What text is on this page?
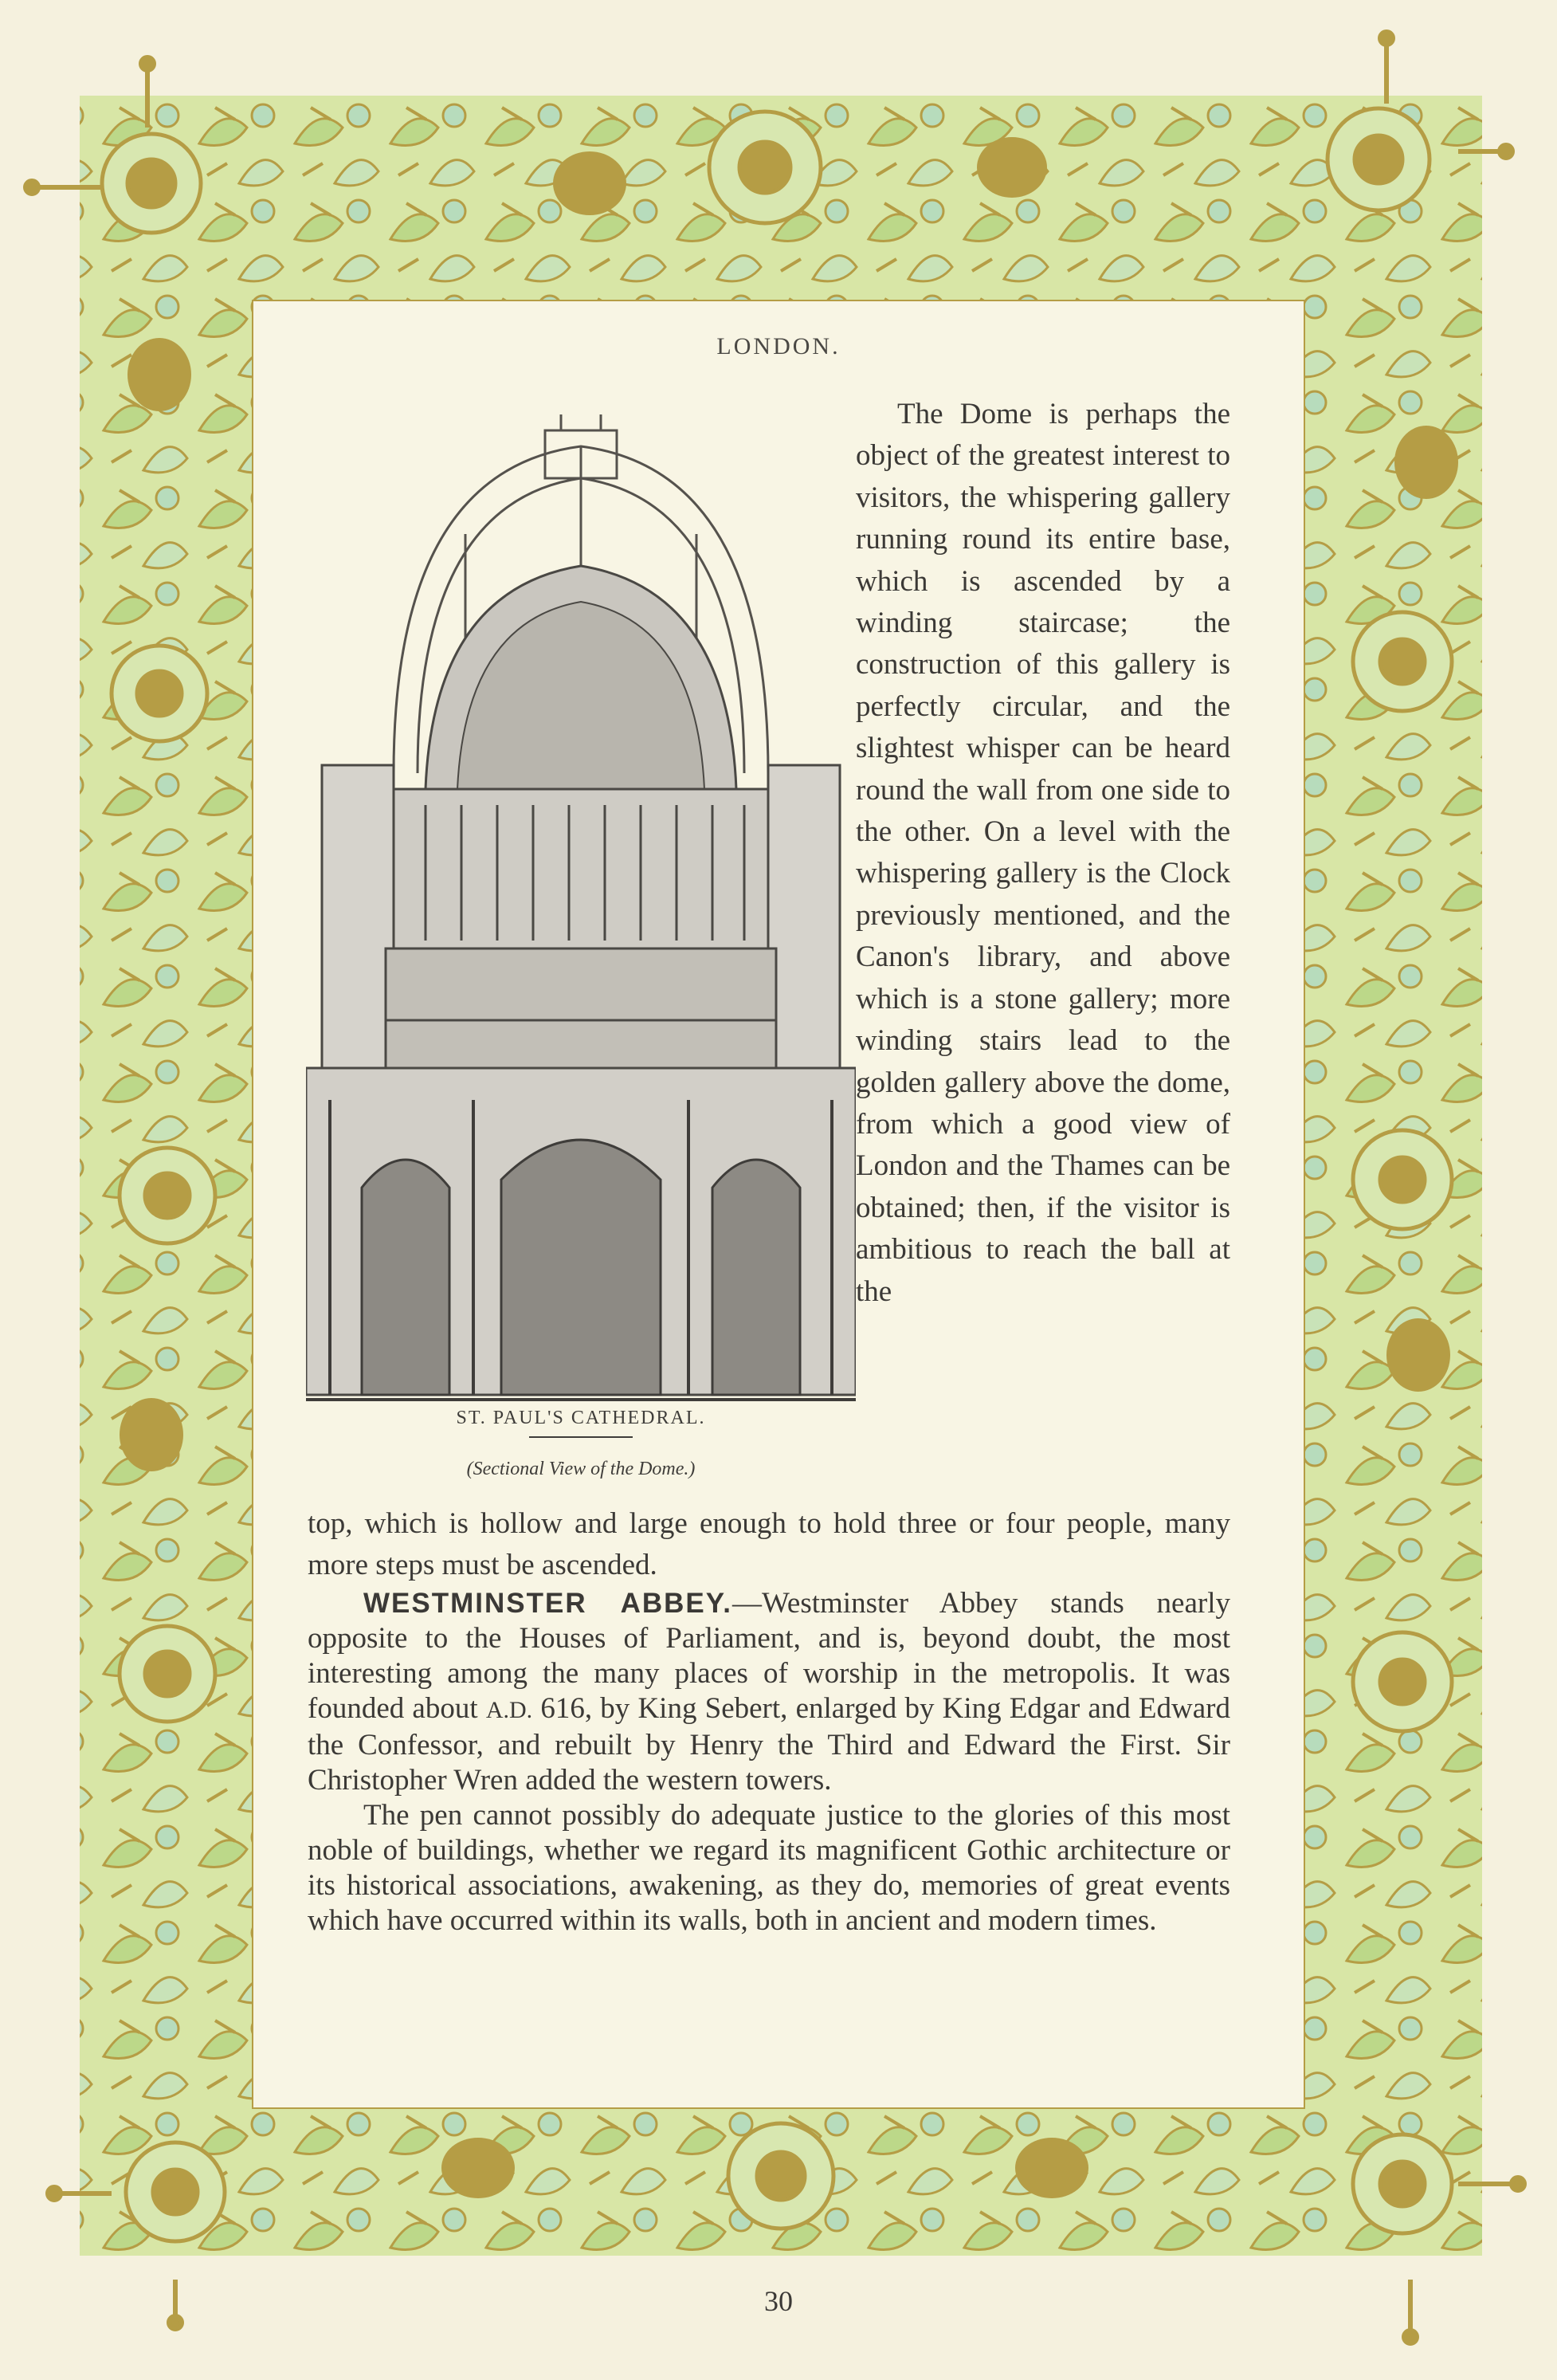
LONDON.
ST. PAUL'S CATHEDRAL.
(Sectional View of the Dome.)

The Dome is perhaps the object of the greatest interest to visitors, the whispering gallery running round its entire base, which is ascended by a winding staircase; the construction of this gallery is perfectly circular, and the slightest whisper can be heard round the wall from one side to the other. On a level with the whispering gallery is the Clock previously mentioned, and the Canon's library, and above which is a stone gallery; more winding stairs lead to the golden gallery above the dome, from which a good view of London and the Thames can be obtained; then, if the visitor is ambitious to reach the ball at the

top, which is hollow and large enough to hold three or four people, many more steps must be ascended.

WESTMINSTER ABBEY.—Westminster Abbey stands nearly opposite to the Houses of Parliament, and is, beyond doubt, the most interesting among the many places of worship in the metropolis. It was founded about A.D. 616, by King Sebert, enlarged by King Edgar and Edward the Confessor, and rebuilt by Henry the Third and Edward the First. Sir Christopher Wren added the western towers.

The pen cannot possibly do adequate justice to the glories of this most noble of buildings, whether we regard its magnificent Gothic architecture or its historical associations, awakening, as they do, memories of great events which have occurred within its walls, both in ancient and modern times.

30
